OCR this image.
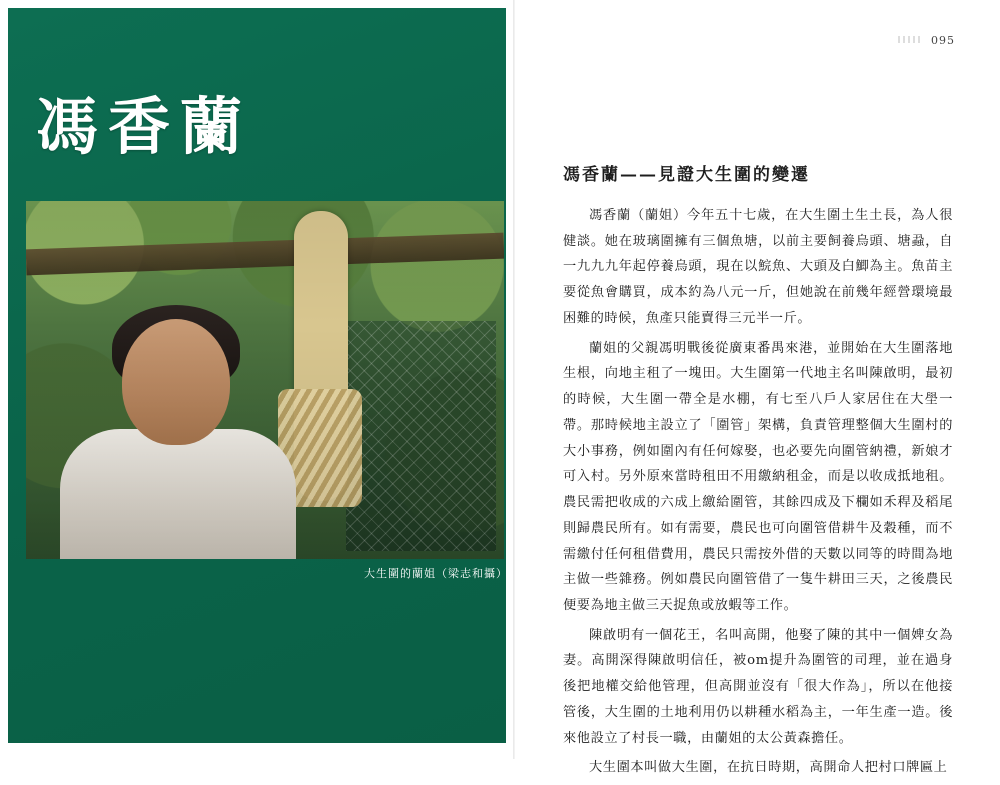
馮香蘭
大生圍的蘭姐（梁志和攝）
095
馮香蘭——見證大生圍的變遷

馮香蘭（蘭姐）今年五十七歲，在大生圍土生土長，為人很健談。她在玻璃圍擁有三個魚塘，以前主要飼養烏頭、塘蝨，自一九九九年起停養烏頭，現在以鯇魚、大頭及白鯽為主。魚苗主要從魚會購買，成本約為八元一斤，但她說在前幾年經營環境最困難的時候，魚產只能賣得三元半一斤。

蘭姐的父親馮明戰後從廣東番禺來港，並開始在大生圍落地生根，向地主租了一塊田。大生圍第一代地主名叫陳啟明，最初的時候，大生圍一帶全是水棚，有七至八戶人家居住在大壆一帶。那時候地主設立了「圍管」架構，負責管理整個大生圍村的大小事務，例如圍內有任何嫁娶，也必要先向圍管納禮，新娘才可入村。另外原來當時租田不用繳納租金，而是以收成抵地租。農民需把收成的六成上繳給圍管，其餘四成及下欄如禾稈及稻尾則歸農民所有。如有需要，農民也可向圍管借耕牛及穀種，而不需繳付任何租借費用，農民只需按外借的天數以同等的時間為地主做一些雜務。例如農民向圍管借了一隻牛耕田三天，之後農民便要為地主做三天捉魚或放蝦等工作。

陳啟明有一個花王，名叫高開，他娶了陳的其中一個婢女為妻。高開深得陳啟明信任，被om提升為圍管的司理，並在過身後把地權交給他管理，但高開並沒有「很大作為」，所以在他接管後，大生圍的土地利用仍以耕種水稻為主，一年生產一造。後來他設立了村長一職，由蘭姐的太公黃森擔任。

大生圍本叫做大生圍，在抗日時期，高開命人把村口牌匾上
